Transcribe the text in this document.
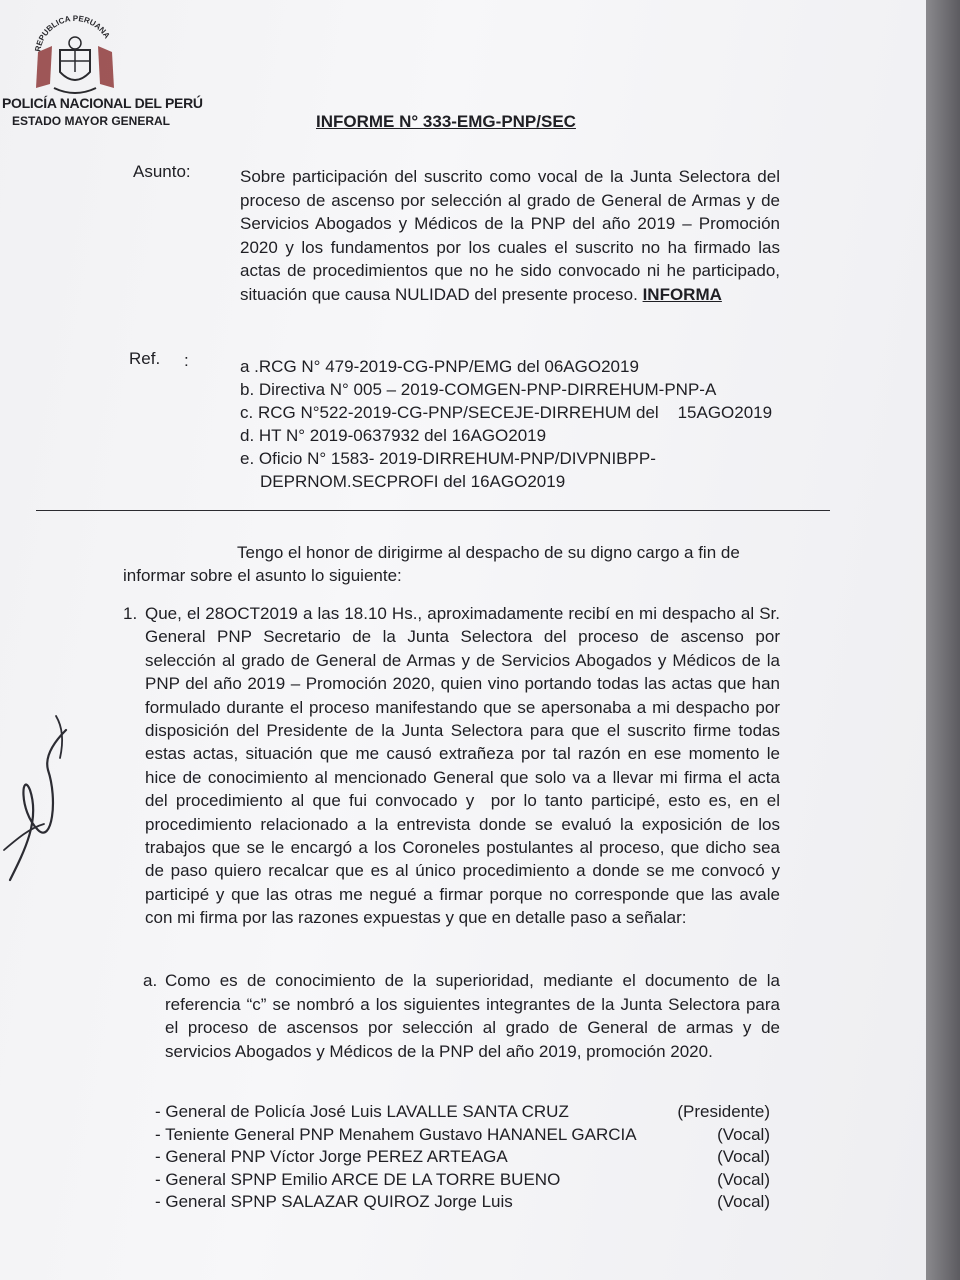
REPUBLICA PERUANA
POLICÍA NACIONAL DEL PERÚ
ESTADO MAYOR GENERAL	INFORME N° 333-EMG-PNP/SEC
Asunto:	Sobre participación del suscrito como vocal de la Junta Selectora del proceso de ascenso por selección al grado de General de Armas y de Servicios Abogados y Médicos de la PNP del año 2019 – Promoción 2020 y los fundamentos por los cuales el suscrito no ha firmado las actas de procedimientos que no he sido convocado ni he participado, situación que causa NULIDAD del presente proceso. INFORMA
Ref. :	a .RCG N° 479-2019-CG-PNP/EMG del 06AGO2019
b. Directiva N° 005 – 2019-COMGEN-PNP-DIRREHUM-PNP-A
c. RCG N°522-2019-CG-PNP/SECEJE-DIRREHUM del    15AGO2019
d. HT N° 2019-0637932 del 16AGO2019
e. Oficio N° 1583- 2019-DIRREHUM-PNP/DIVPNIBPP-
DEPRNOM.SECPROFI del 16AGO2019
Tengo el honor de dirigirme al despacho de su digno cargo a fin de
informar sobre el asunto lo siguiente:
1. Que, el 28OCT2019 a las 18.10 Hs., aproximadamente recibí en mi despacho al Sr. General PNP Secretario de la Junta Selectora del proceso de ascenso por selección al grado de General de Armas y de Servicios Abogados y Médicos de la PNP del año 2019 – Promoción 2020, quien vino portando todas las actas que han formulado durante el proceso manifestando que se apersonaba a mi despacho por disposición del Presidente de la Junta Selectora para que el suscrito firme todas estas actas, situación que me causó extrañeza por tal razón en ese momento le hice de conocimiento al mencionado General que solo va a llevar mi firma el acta del procedimiento al que fui convocado y  por lo tanto participé, esto es, en el procedimiento relacionado a la entrevista donde se evaluó la exposición de los trabajos que se le encargó a los Coroneles postulantes al proceso, que dicho sea de paso quiero recalcar que es al único procedimiento a donde se me convocó y participé y que las otras me negué a firmar porque no corresponde que las avale con mi firma por las razones expuestas y que en detalle paso a señalar:
a. Como es de conocimiento de la superioridad, mediante el documento de la referencia “c” se nombró a los siguientes integrantes de la Junta Selectora para el proceso de ascensos por selección al grado de General de armas y de servicios Abogados y Médicos de la PNP del año 2019, promoción 2020.
- General de Policía José Luis LAVALLE SANTA CRUZ	(Presidente)
- Teniente General PNP Menahem Gustavo HANANEL GARCIA	(Vocal)
- General PNP Víctor Jorge PEREZ ARTEAGA	(Vocal)
- General SPNP Emilio ARCE DE LA TORRE BUENO	(Vocal)
- General SPNP SALAZAR QUIROZ Jorge Luis	(Vocal)
